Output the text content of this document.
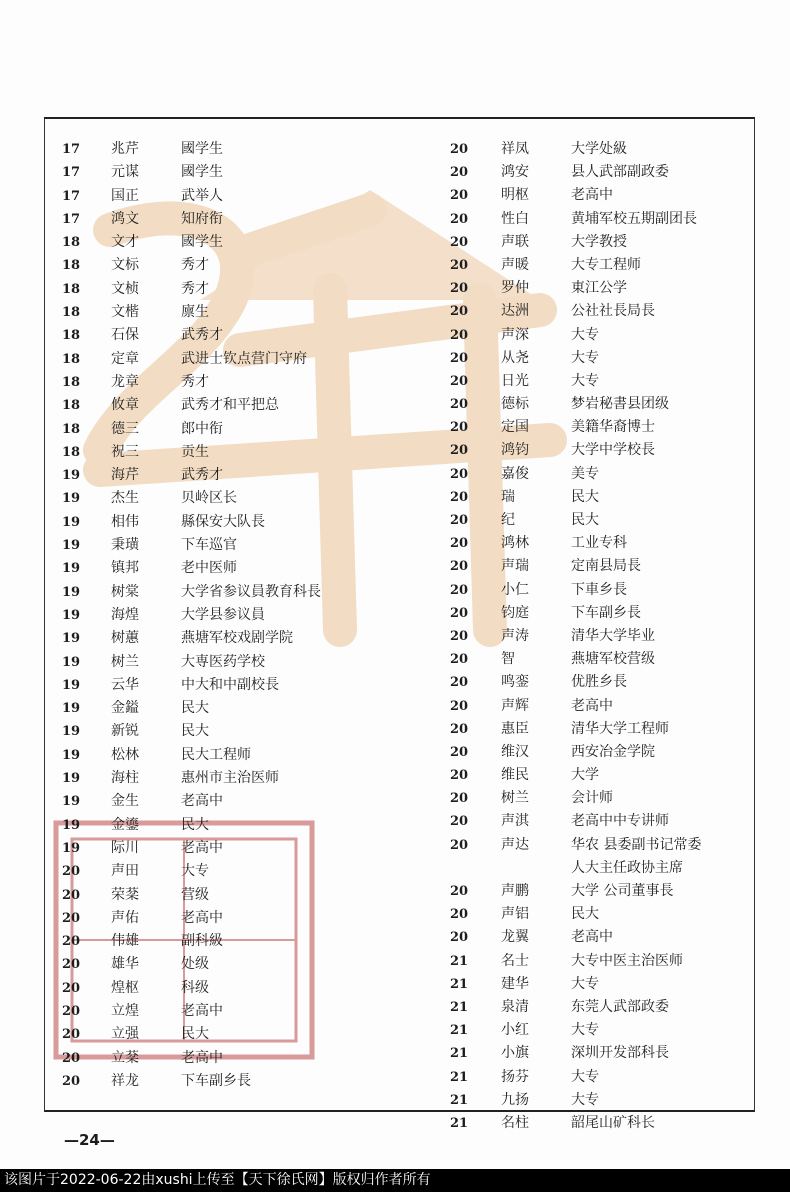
17 兆芹	國学生
17 元谋	國学生
17 国正	武举人
17 鸿文	知府衔
18 文才	國学生
18 文标	秀才
18 文桢	秀才
18 文楷	廪生
18 石保	武秀才
18 定章	武进士钦点营门守府
18 龙章	秀才
18 攸章	武秀才和平把总
18 德三	郎中衔
18 祝三	贡生
19 海芹	武秀才
19 杰生	贝岭区长
19 相伟	縣保安大队長
19 秉璜	下车巡官
19 镇邦	老中医师
19 树棠	大学省参议員教育科長
19 海煌	大学县参议員
19 树蕙	燕塘军校戏剧学院
19 树兰	大専医药学校
19 云华	中大和中副校長
19 金鎰	民大
19 新锐	民大
19 松林	民大工程师
19 海柱	惠州市主治医师
19 金生	老高中
19 金鎏	民大
19 际川	老高中
20 声田	大专
20 荣棻	营级
20 声佑	老高中
20 伟雄	副科級
20 雄华	处级
20 煌枢	科级
20 立煌	老高中
20 立强	民大
20 立棻	老高中
20 祥龙	下车副乡長
20 祥凤	大学处級
20 鸿安	县人武部副政委
20 明枢	老高中
20 性白	黄埔军校五期副团長
20 声联	大学教授
20 声暖	大专工程师
20 罗仲	東江公学
20 达洲	公社社長局長
20 声深	大专
20 从尧	大专
20 日光	大专
20 德标	梦岩秘書县团级
20 定国	美籍华裔博士
20 鸿钧	大学中学校長
20 嘉俊	美专
20 瑞	民大
20 纪	民大
20 鸿林	工业专科
20 声瑞	定南县局長
20 小仁	下車乡長
20 钧庭	下车副乡長
20 声涛	清华大学毕业
20 智	燕塘军校营级
20 鸣銮	优胜乡長
20 声辉	老高中
20 惠臣	清华大学工程师
20 维汉	西安冶金学院
20 维民	大学
20 树兰	会计师
20 声淇	老高中中专讲师
20 声达	华农 县委副书记常委
人大主任政协主席
20 声鹏	大学 公司董事長
20 声铝	民大
20 龙翼	老高中
21 名士	大专中医主治医师
21 建华	大专
21 泉清	东莞人武部政委
21 小红	大专
21 小旗	深圳开发部科長
21 扬芬	大专
21 九扬	大专
21 名柱	韶尾山矿科长
—24—
该图片于2022-06-22由xushi上传至【天下徐氏网】版权归作者所有
